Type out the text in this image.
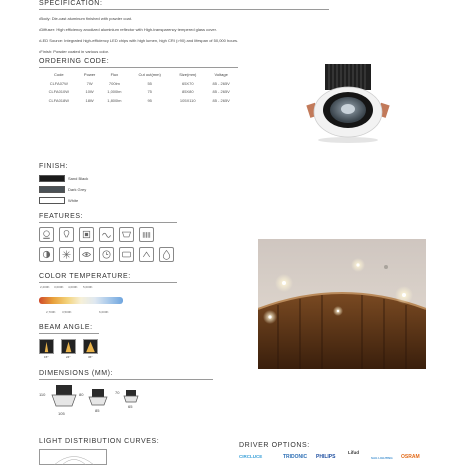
SPECIFICATION:
• Body: Die-cast aluminum finished with powder coat.
• Diffuser: High efficiency anodized aluminium reflector with High-transparency tempered glass cover.
• LED Source: Integrated high-efficiency LED chips with high lumen, high CRI (>90) and lifespan of 50,000 hours.
• Finish: Powder coated in various color.
ORDERING CODE:
Code	Power	Flux	Cut out(mm)	Size(mm)	Voltage
CLFA07W	7W	700lm	55	65X70	85 - 265V
CLFA010W	10W	1,000lm	75	85X80	85 - 265V
CLFA018W	18W	1,800lm	95	105X110	85 - 265V
FINISH:
Sand Black
Dark Grey
White
FEATURES:
COLOR TEMPERATURE:
2,200K 3,000K 4,000K 5,000K
2,700K 3,500K	6,000K
BEAM ANGLE:
15°	24°	36°
DIMENSIONS (MM):
110
105
80
85
70
65
LIGHT DISTRIBUTION CURVES:
DRIVER OPTIONS:
CIRCLUCE	TRIDONIC PHILIPS
Lifud
SAG LIGHTING OSRAM
